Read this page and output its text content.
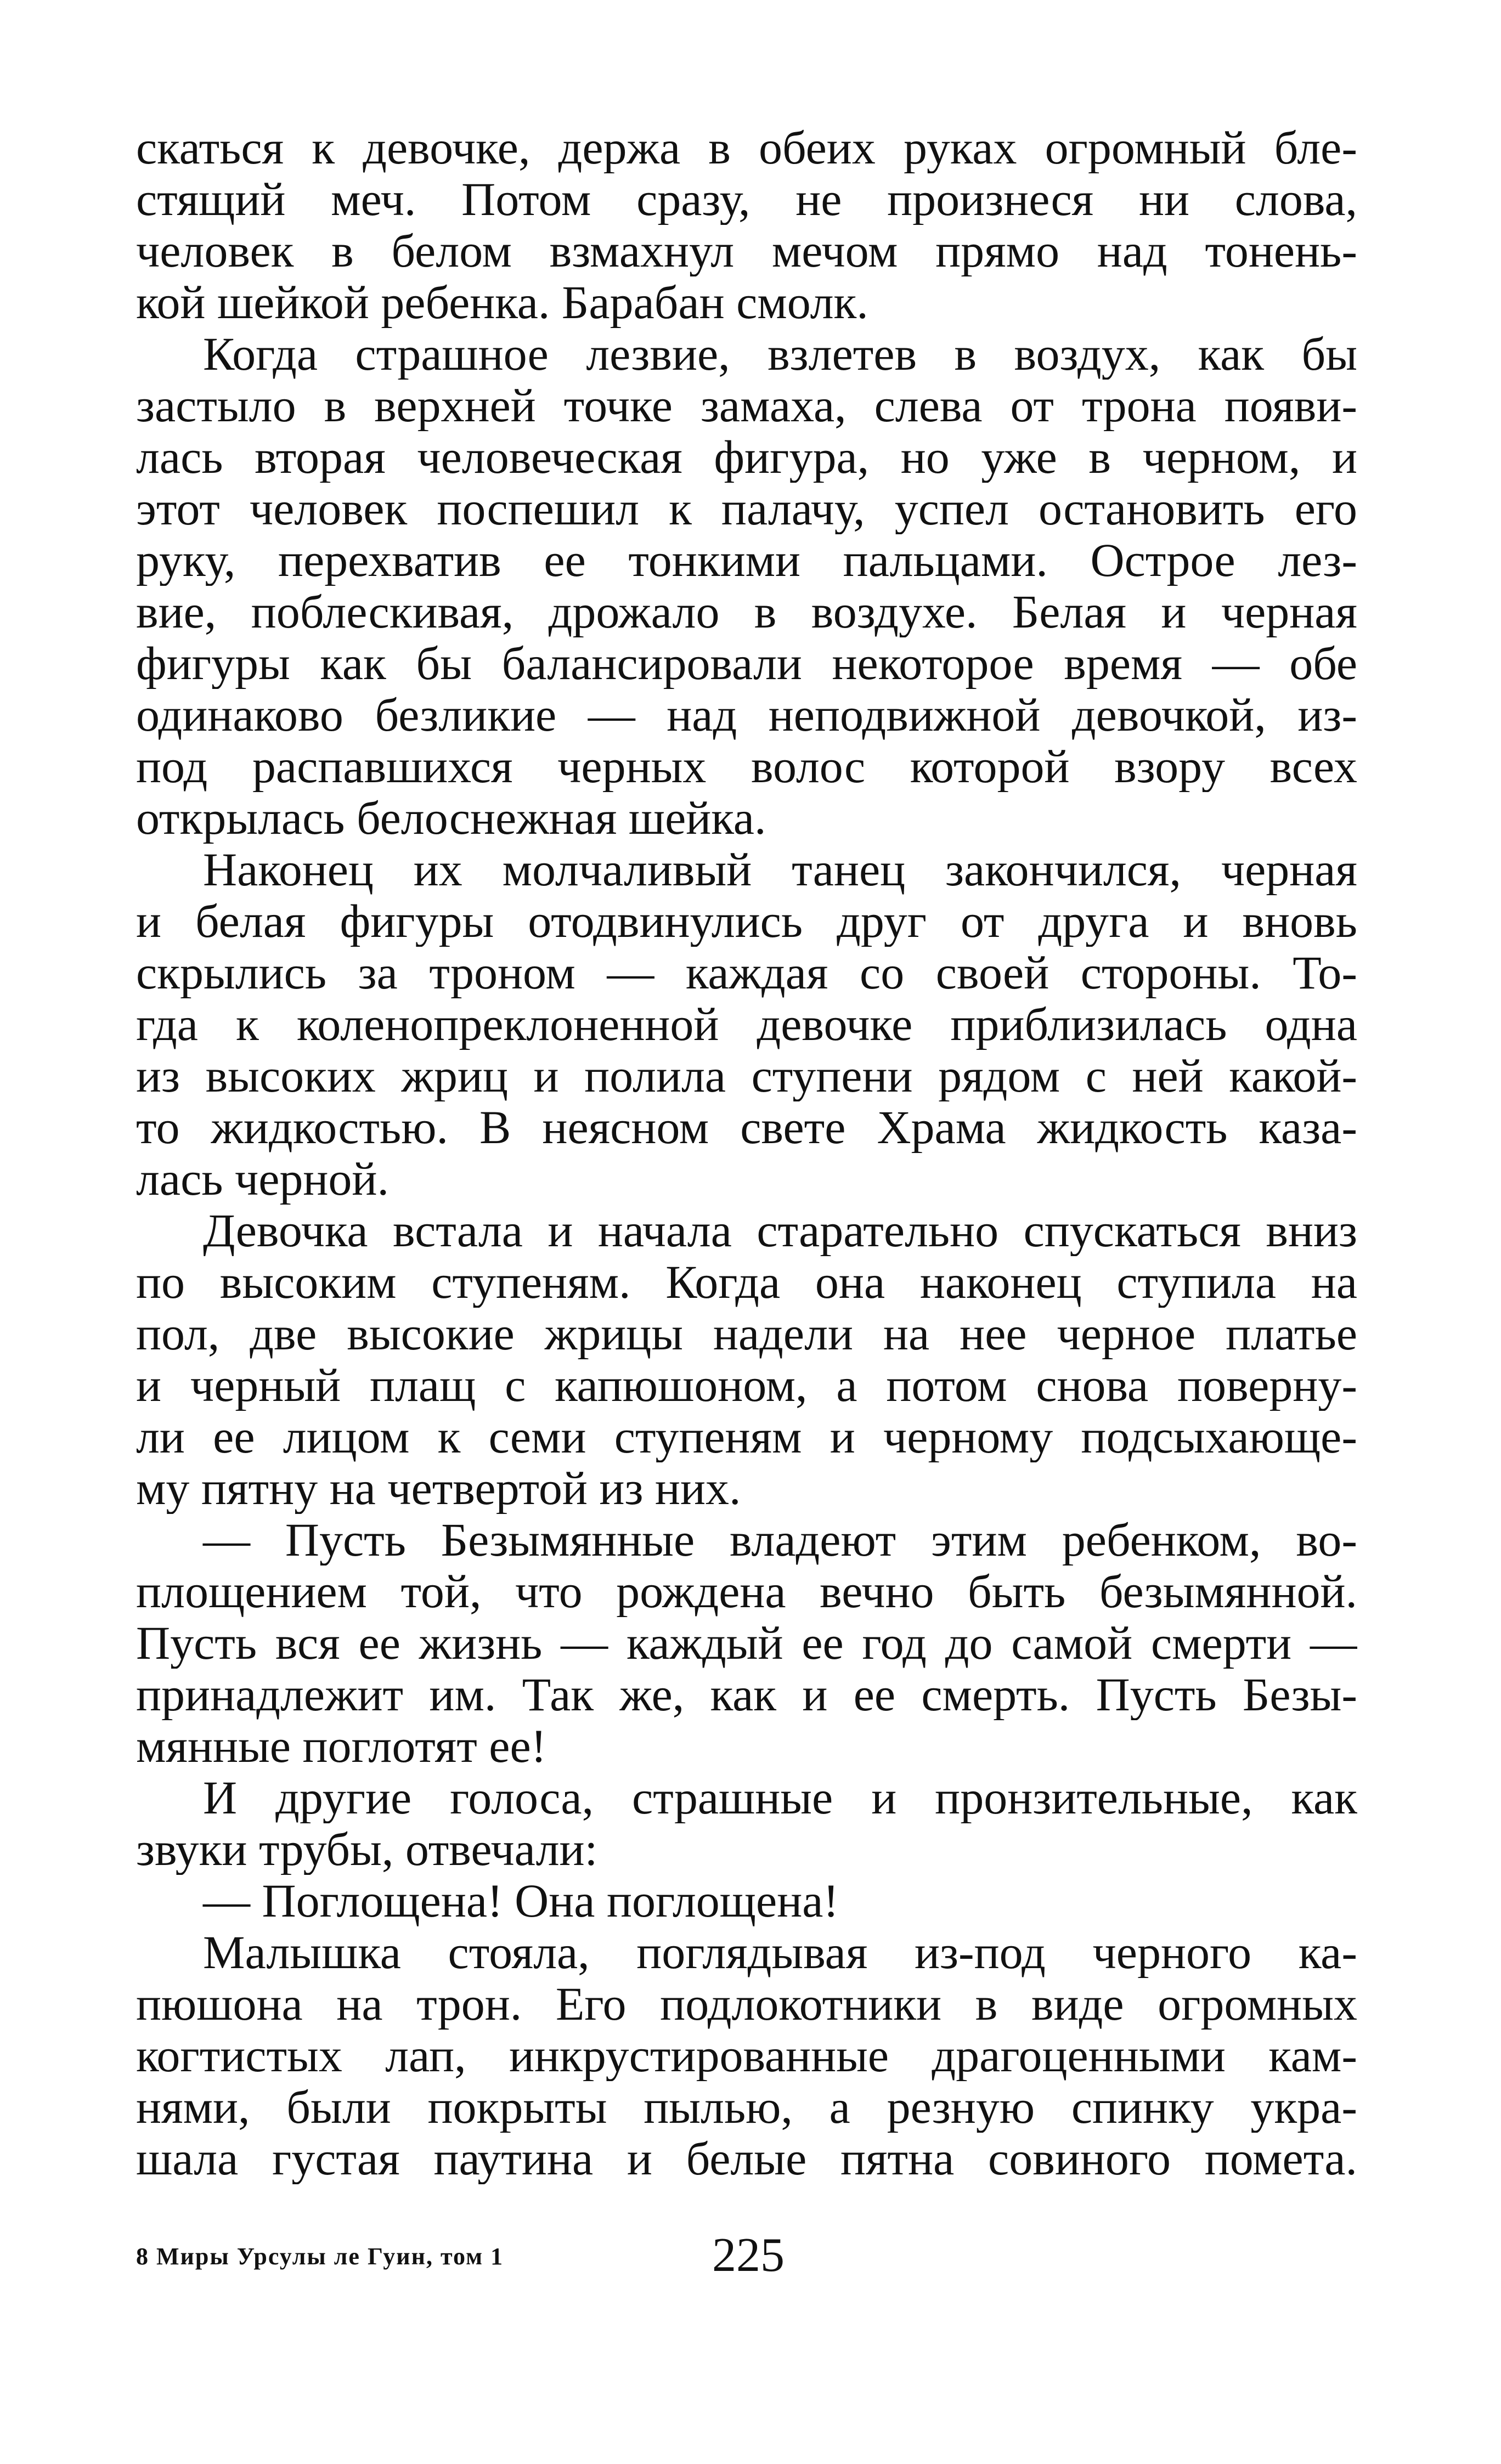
скаться к девочке, держа в обеих руках огромный бле-
стящий меч. Потом сразу, не произнеся ни слова,
человек в белом взмахнул мечом прямо над тонень-
кой шейкой ребенка. Барабан смолк.
Когда страшное лезвие, взлетев в воздух, как бы
застыло в верхней точке замаха, слева от трона появи-
лась вторая человеческая фигура, но уже в черном, и
этот человек поспешил к палачу, успел остановить его
руку, перехватив ее тонкими пальцами. Острое лез-
вие, поблескивая, дрожало в воздухе. Белая и черная
фигуры как бы балансировали некоторое время — обе
одинаково безликие — над неподвижной девочкой, из-
под распавшихся черных волос которой взору всех
открылась белоснежная шейка.
Наконец их молчаливый танец закончился, черная
и белая фигуры отодвинулись друг от друга и вновь
скрылись за троном — каждая со своей стороны. То-
гда к коленопреклоненной девочке приблизилась одна
из высоких жриц и полила ступени рядом с ней какой-
то жидкостью. В неясном свете Храма жидкость каза-
лась черной.
Девочка встала и начала старательно спускаться вниз
по высоким ступеням. Когда она наконец ступила на
пол, две высокие жрицы надели на нее черное платье
и черный плащ с капюшоном, а потом снова поверну-
ли ее лицом к семи ступеням и черному подсыхающе-
му пятну на четвертой из них.
— Пусть Безымянные владеют этим ребенком, во-
площением той, что рождена вечно быть безымянной.
Пусть вся ее жизнь — каждый ее год до самой смерти —
принадлежит им. Так же, как и ее смерть. Пусть Безы-
мянные поглотят ее!
И другие голоса, страшные и пронзительные, как
звуки трубы, отвечали:
— Поглощена! Она поглощена!
Малышка стояла, поглядывая из-под черного ка-
пюшона на трон. Его подлокотники в виде огромных
когтистых лап, инкрустированные драгоценными кам-
нями, были покрыты пылью, а резную спинку укра-
шала густая паутина и белые пятна совиного помета.
8 Миры Урсулы ле Гуин, том 1	225
